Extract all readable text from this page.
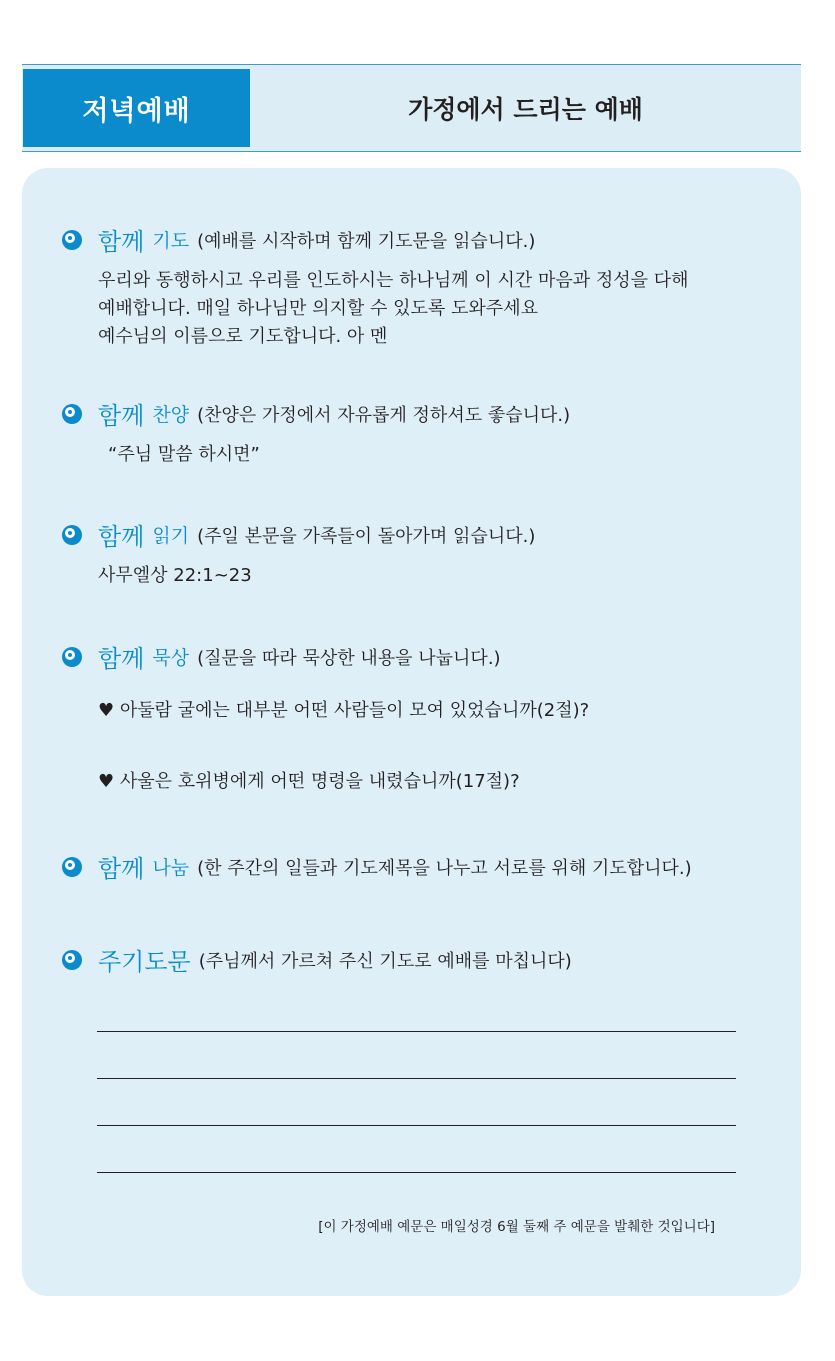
저녁예배	가정에서 드리는 예배
함께 기도 (예배를 시작하며 함께 기도문을 읽습니다.)
우리와 동행하시고 우리를 인도하시는 하나님께 이 시간 마음과 정성을 다해
예배합니다. 매일 하나님만 의지할 수 있도록 도와주세요
예수님의 이름으로 기도합니다. 아 멘
함께 찬양 (찬양은 가정에서 자유롭게 정하셔도 좋습니다.)
“주님 말씀 하시면”
함께 읽기 (주일 본문을 가족들이 돌아가며 읽습니다.)
사무엘상 22:1~23
함께 묵상 (질문을 따라 묵상한 내용을 나눕니다.)
♥ 아둘람 굴에는 대부분 어떤 사람들이 모여 있었습니까(2절)?
♥ 사울은 호위병에게 어떤 명령을 내렸습니까(17절)?
함께 나눔 (한 주간의 일들과 기도제목을 나누고 서로를 위해 기도합니다.)
주기도문 (주님께서 가르쳐 주신 기도로 예배를 마칩니다)
[이 가정예배 예문은 매일성경 6월 둘째 주 예문을 발췌한 것입니다]
